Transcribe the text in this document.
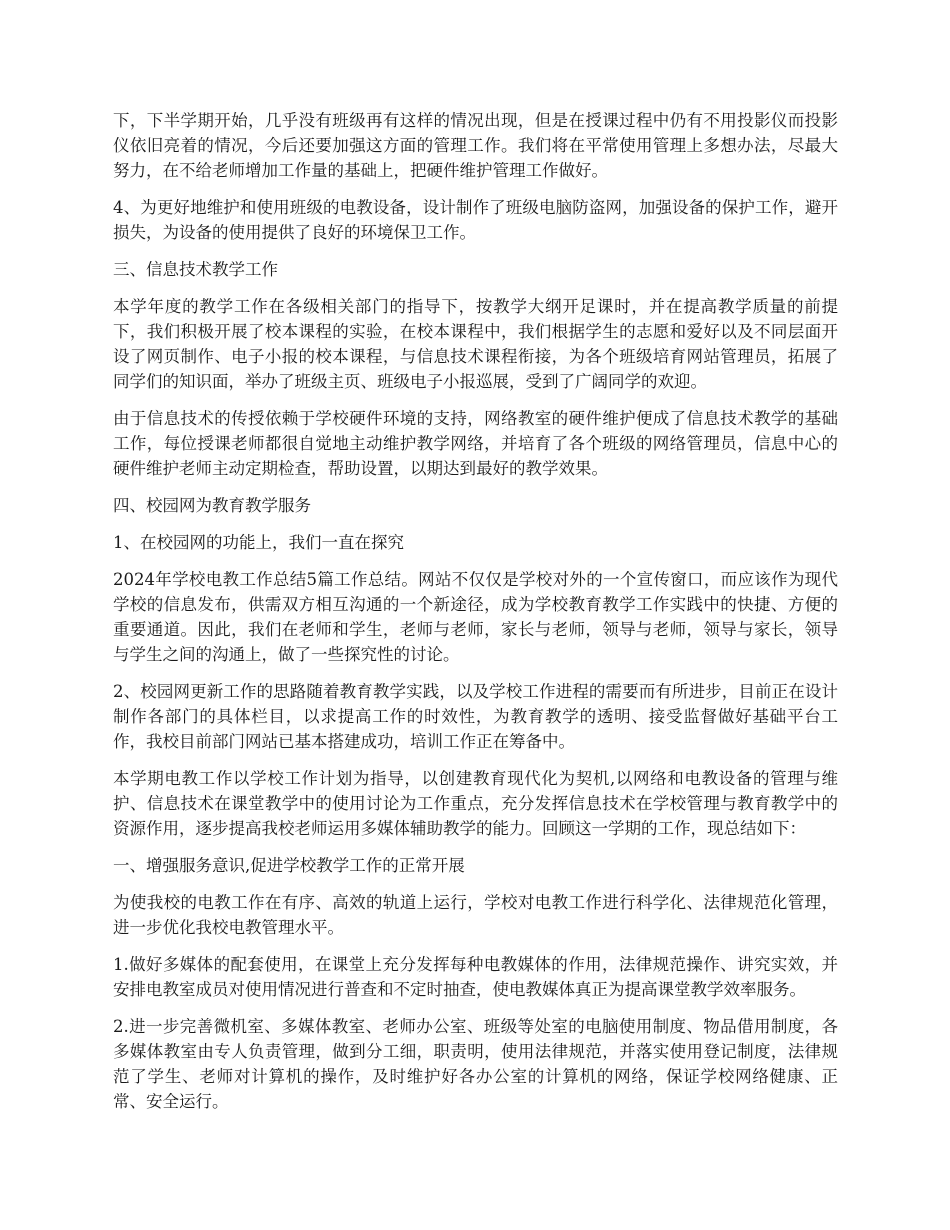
下，下半学期开始，几乎没有班级再有这样的情况出现，但是在授课过程中仍有不用投影仪而投影仪依旧亮着的情况，今后还要加强这方面的管理工作。我们将在平常使用管理上多想办法，尽最大努力，在不给老师增加工作量的基础上，把硬件维护管理工作做好。

4、为更好地维护和使用班级的电教设备，设计制作了班级电脑防盗网，加强设备的保护工作，避开损失，为设备的使用提供了良好的环境保卫工作。

三、信息技术教学工作

本学年度的教学工作在各级相关部门的指导下，按教学大纲开足课时，并在提高教学质量的前提下，我们积极开展了校本课程的实验，在校本课程中，我们根据学生的志愿和爱好以及不同层面开设了网页制作、电子小报的校本课程，与信息技术课程衔接，为各个班级培育网站管理员，拓展了同学们的知识面，举办了班级主页、班级电子小报巡展，受到了广阔同学的欢迎。

由于信息技术的传授依赖于学校硬件环境的支持，网络教室的硬件维护便成了信息技术教学的基础工作，每位授课老师都很自觉地主动维护教学网络，并培育了各个班级的网络管理员，信息中心的硬件维护老师主动定期检查，帮助设置，以期达到最好的教学效果。

四、校园网为教育教学服务

1、在校园网的功能上，我们一直在探究

2024年学校电教工作总结5篇工作总结。网站不仅仅是学校对外的一个宣传窗口，而应该作为现代学校的信息发布，供需双方相互沟通的一个新途径，成为学校教育教学工作实践中的快捷、方便的重要通道。因此，我们在老师和学生，老师与老师，家长与老师，领导与老师，领导与家长，领导与学生之间的沟通上，做了一些探究性的讨论。

2、校园网更新工作的思路随着教育教学实践，以及学校工作进程的需要而有所进步，目前正在设计制作各部门的具体栏目，以求提高工作的时效性，为教育教学的透明、接受监督做好基础平台工作，我校目前部门网站已基本搭建成功，培训工作正在筹备中。

本学期电教工作以学校工作计划为指导，以创建教育现代化为契机,以网络和电教设备的管理与维护、信息技术在课堂教学中的使用讨论为工作重点，充分发挥信息技术在学校管理与教育教学中的资源作用，逐步提高我校老师运用多媒体辅助教学的能力。回顾这一学期的工作，现总结如下：

一、增强服务意识,促进学校教学工作的正常开展

为使我校的电教工作在有序、高效的轨道上运行，学校对电教工作进行科学化、法律规范化管理，进一步优化我校电教管理水平。

1.做好多媒体的配套使用，在课堂上充分发挥每种电教媒体的作用，法律规范操作、讲究实效，并安排电教室成员对使用情况进行普查和不定时抽查，使电教媒体真正为提高课堂教学效率服务。

2.进一步完善微机室、多媒体教室、老师办公室、班级等处室的电脑使用制度、物品借用制度，各多媒体教室由专人负责管理，做到分工细，职责明，使用法律规范，并落实使用登记制度，法律规范了学生、老师对计算机的操作，及时维护好各办公室的计算机的网络，保证学校网络健康、正常、安全运行。
